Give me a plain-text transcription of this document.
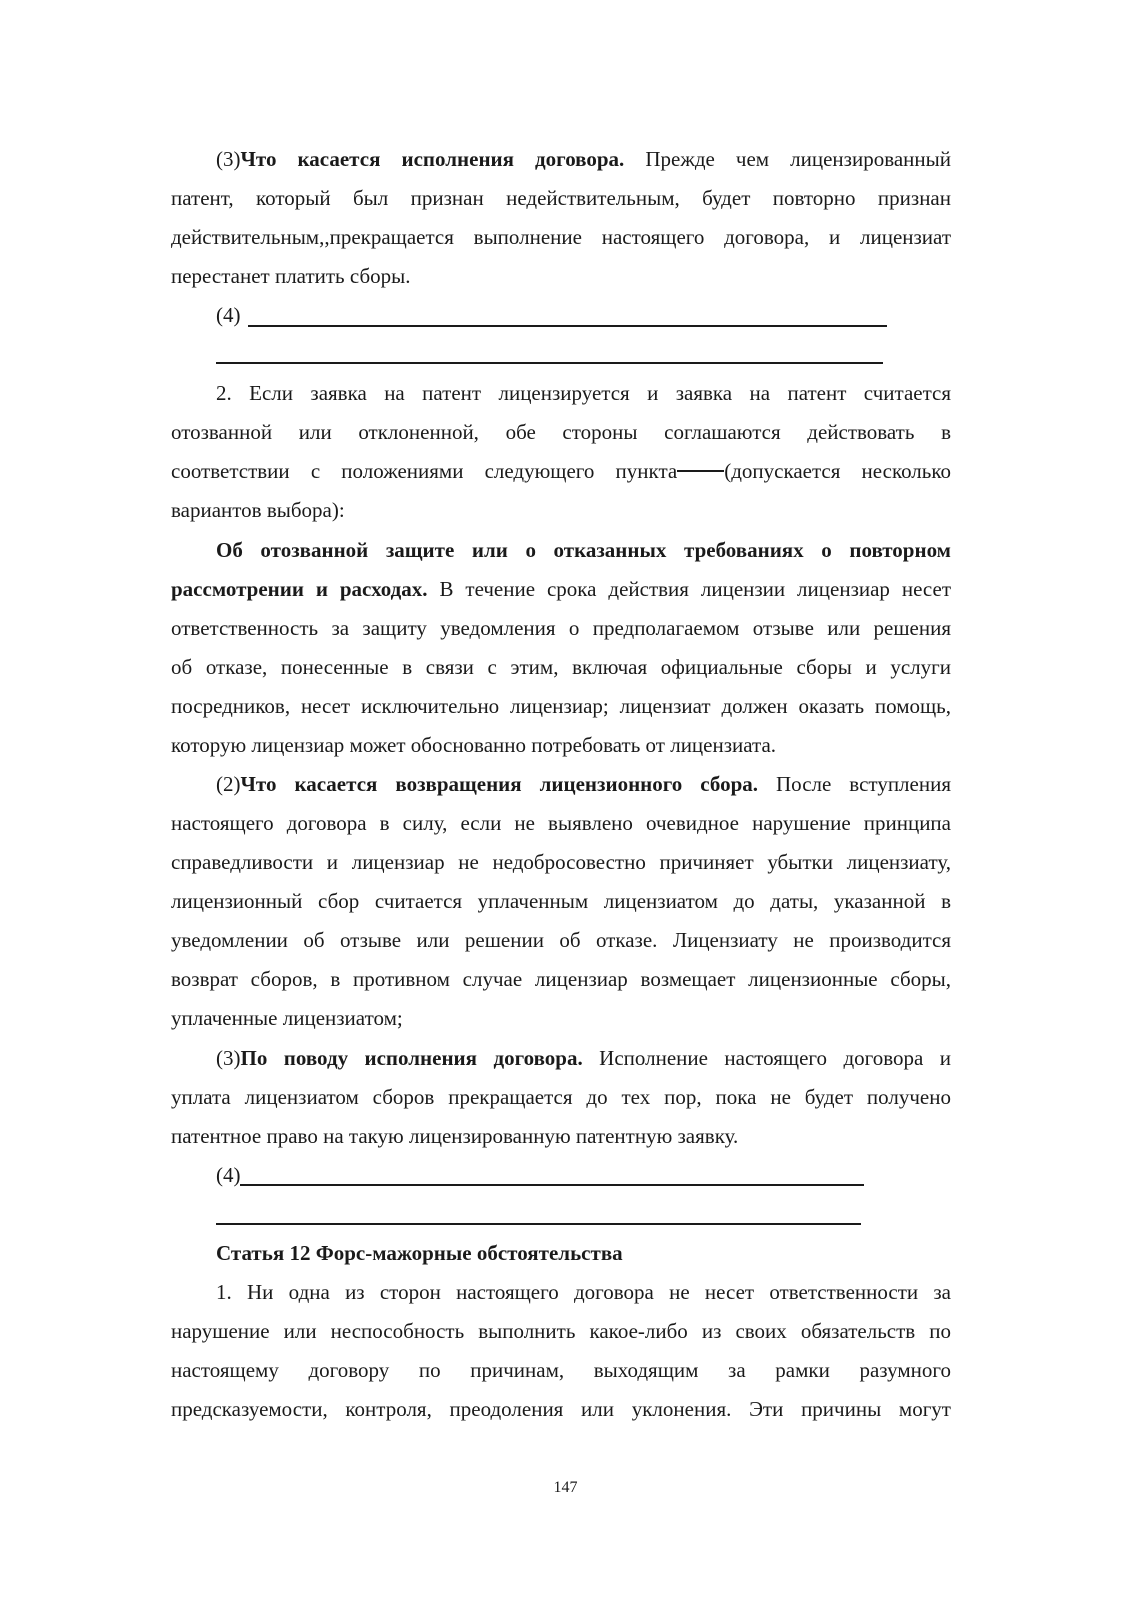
(3)Что касается исполнения договора. Прежде чем лицензированный
патент, который был признан недействительным, будет повторно признан
действительным,,прекращается выполнение настоящего договора, и лицензиат
перестанет платить сборы.
(4)
2. Если заявка на патент лицензируется и заявка на патент считается
отозванной или отклоненной, обе стороны соглашаются действовать в
соответствии с положениями следующего пункта (допускается несколько
вариантов выбора):
Об отозванной защите или о отказанных требованиях о повторном
рассмотрении и расходах. В течение срока действия лицензии лицензиар несет
ответственность за защиту уведомления о предполагаемом отзыве или решения
об отказе, понесенные в связи с этим, включая официальные сборы и услуги
посредников, несет исключительно лицензиар; лицензиат должен оказать помощь,
которую лицензиар может обоснованно потребовать от лицензиата.
(2)Что касается возвращения лицензионного сбора. После вступления
настоящего договора в силу, если не выявлено очевидное нарушение принципа
справедливости и лицензиар не недобросовестно причиняет убытки лицензиату,
лицензионный сбор считается уплаченным лицензиатом до даты, указанной в
уведомлении об отзыве или решении об отказе. Лицензиату не производится
возврат сборов, в противном случае лицензиар возмещает лицензионные сборы,
уплаченные лицензиатом;
(3)По поводу исполнения договора. Исполнение настоящего договора и
уплата лицензиатом сборов прекращается до тех пор, пока не будет получено
патентное право на такую лицензированную патентную заявку.
(4)
Статья 12 Форс-мажорные обстоятельства
1. Ни одна из сторон настоящего договора не несет ответственности за
нарушение или неспособность выполнить какое-либо из своих обязательств по
настоящему договору по причинам, выходящим за рамки разумного
предсказуемости, контроля, преодоления или уклонения. Эти причины могут
147
